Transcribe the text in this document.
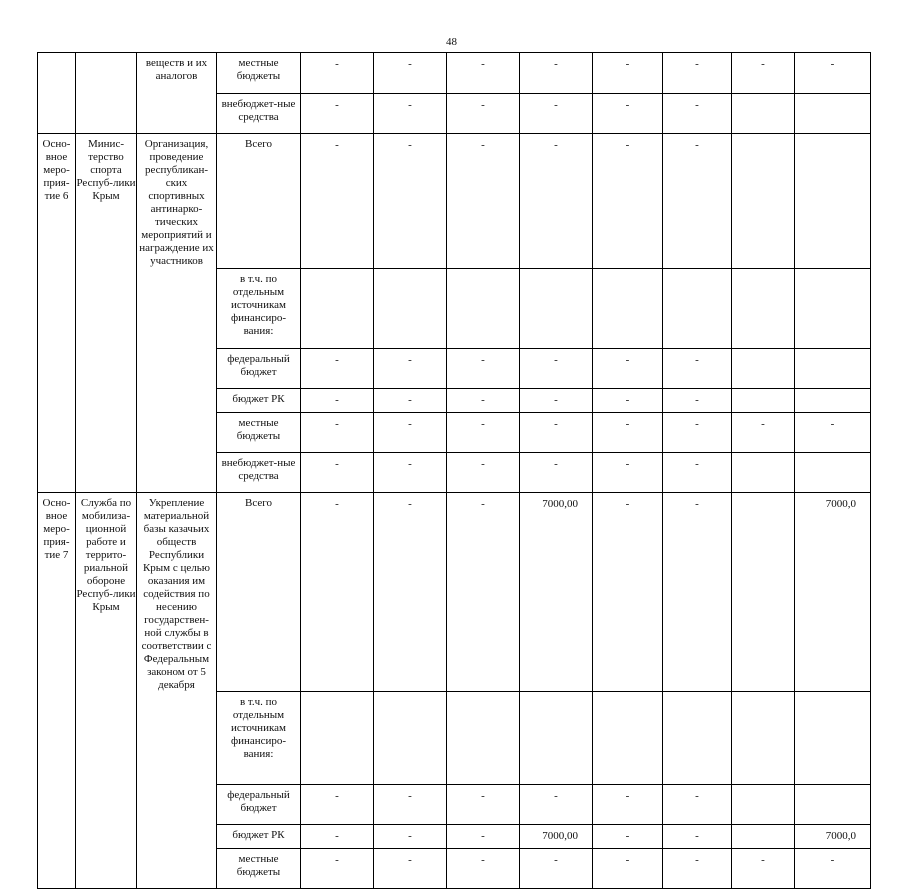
48
		веществ и их аналогов	местные бюджеты	-	-	-	-	-	-	-	-
			внебюджет-ные средства	-	-	-	-	-	-		
Осно-вное меро-прия-тие 6	Минис-терство спорта Респуб-лики Крым	Организация, проведение республикан-ских спортивных антинарко-тических мероприятий и награждение их участников	Всего	-	-	-	-	-	-		
			в т.ч. по отдельным источникам финансиро-вания:								
			федеральный бюджет	-	-	-	-	-	-		
			бюджет РК	-	-	-	-	-	-		
			местные бюджеты	-	-	-	-	-	-	-	-
			внебюджет-ные средства	-	-	-	-	-	-		
Осно-вное меро-прия-тие 7	Служба по мобилиза-ционной работе и террито-риальной обороне Респуб-лики Крым	Укрепление материальной базы казачьих обществ Республики Крым с целью оказания им содействия по несению государствен-ной службы в соответствии с Федеральным законом от 5 декабря	Всего	-	-	-	7000,00	-	-		7000,0
			в т.ч. по отдельным источникам финансиро-вания:								
			федеральный бюджет	-	-	-	-	-	-		
			бюджет РК	-	-	-	7000,00	-	-		7000,0
			местные бюджеты	-	-	-	-	-	-	-	-
